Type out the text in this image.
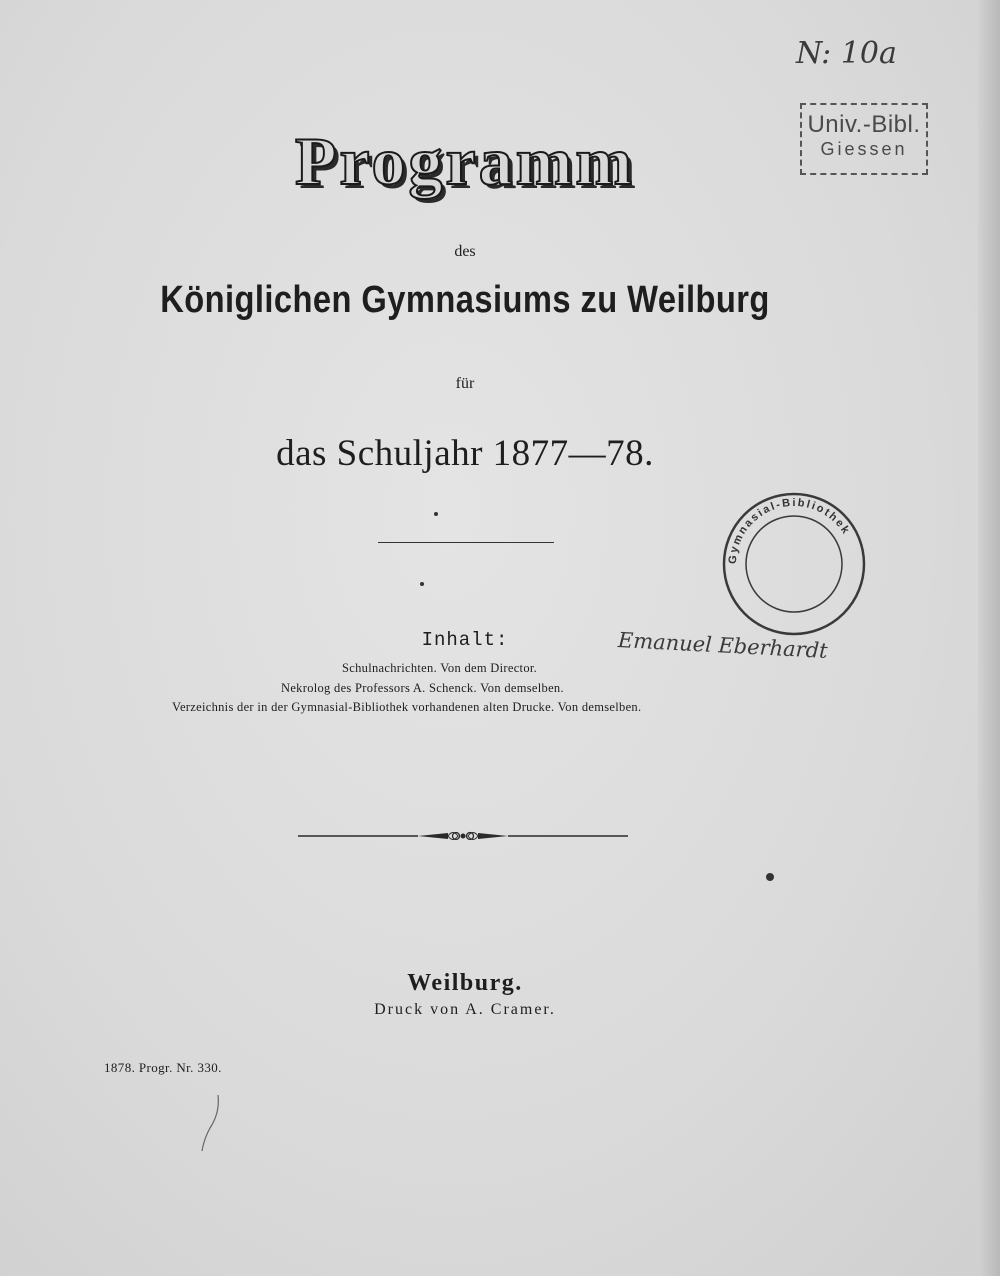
N: 10a
Univ.-Bibl.
Giessen
Programm
des
Königlichen Gymnasiums zu Weilburg
für
das Schuljahr 1877—78.
Gymnasial-Bibliothek
Inhalt:
Schulnachrichten. Von dem Director.
Nekrolog des Professors A. Schenck. Von demselben.
Verzeichnis der in der Gymnasial-Bibliothek vorhandenen alten Drucke. Von demselben.
Emanuel Eberhardt
Weilburg.
Druck von A. Cramer.
1878. Progr. Nr. 330.
